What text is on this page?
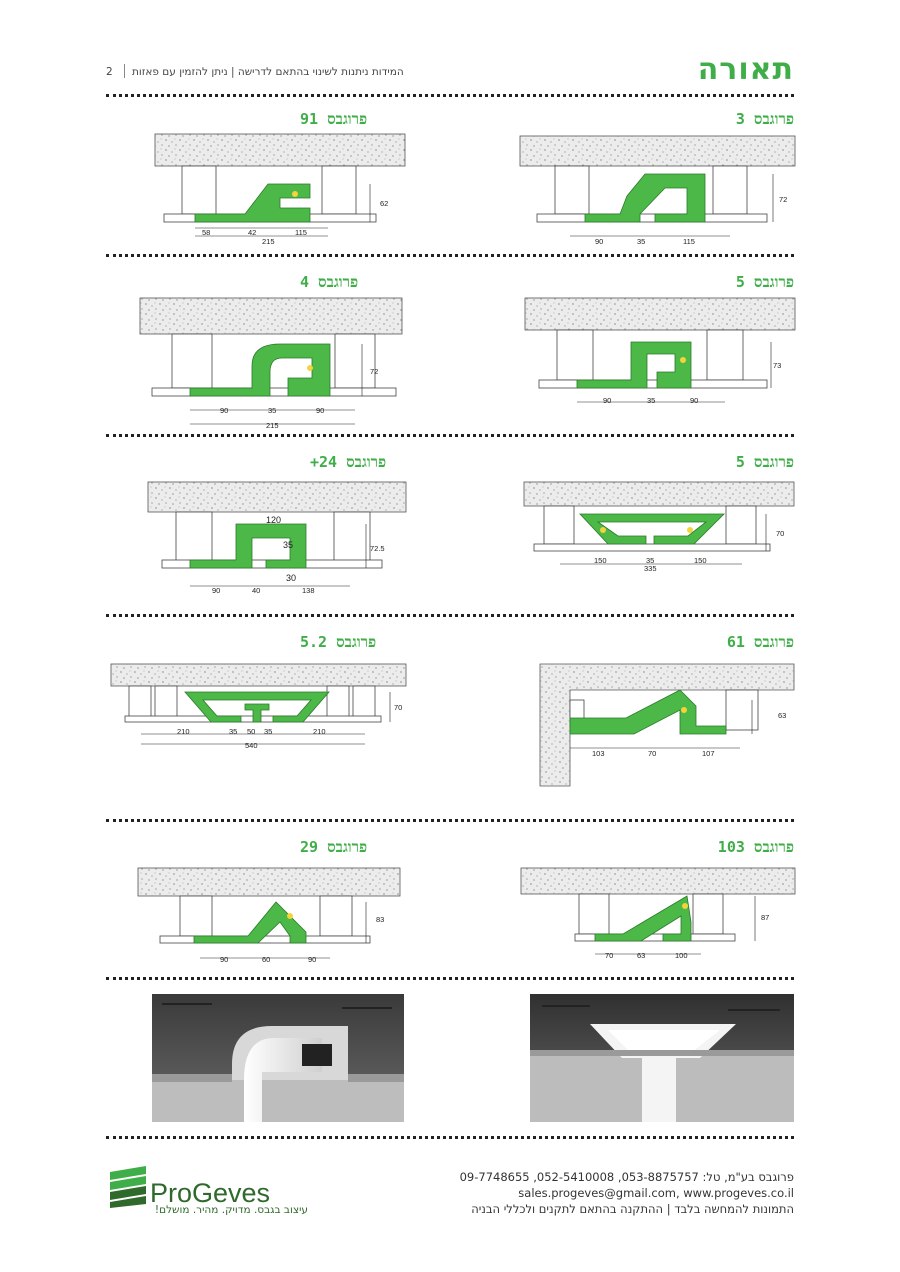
תאורה
2 המידות ניתנות לשינוי בהתאם לדרישה | ניתן להזמין עם פאזות
פרוגבס 91
58	42	115
215
62
פרוגבס 3
90	35	115
72
פרוגבס 4
90	35	90
215
72
פרוגבס 5
90	35	90
73
פרוגבס 24+
120
35	72.5
30
90	40	138
פרוגבס 5
150	35	150
335
70
פרוגבס 5.2
210	35 50 35	210
540
70
פרוגבס 61
103	70	107
63
פרוגבס 29
90	60	90
83
פרוגבס 103
70	63	100
87
ProGeves
עיצוב בגבס. מדויק. מהיר. מושלם!
פרוגבס בע"מ, טל: 053-8875757, 052-5410008, 09-7748655
sales.progeves@gmail.com, www.progeves.co.il
התמונות להמחשה בלבד | ההתקנה בהתאם לתקנים ולכללי הבניה
